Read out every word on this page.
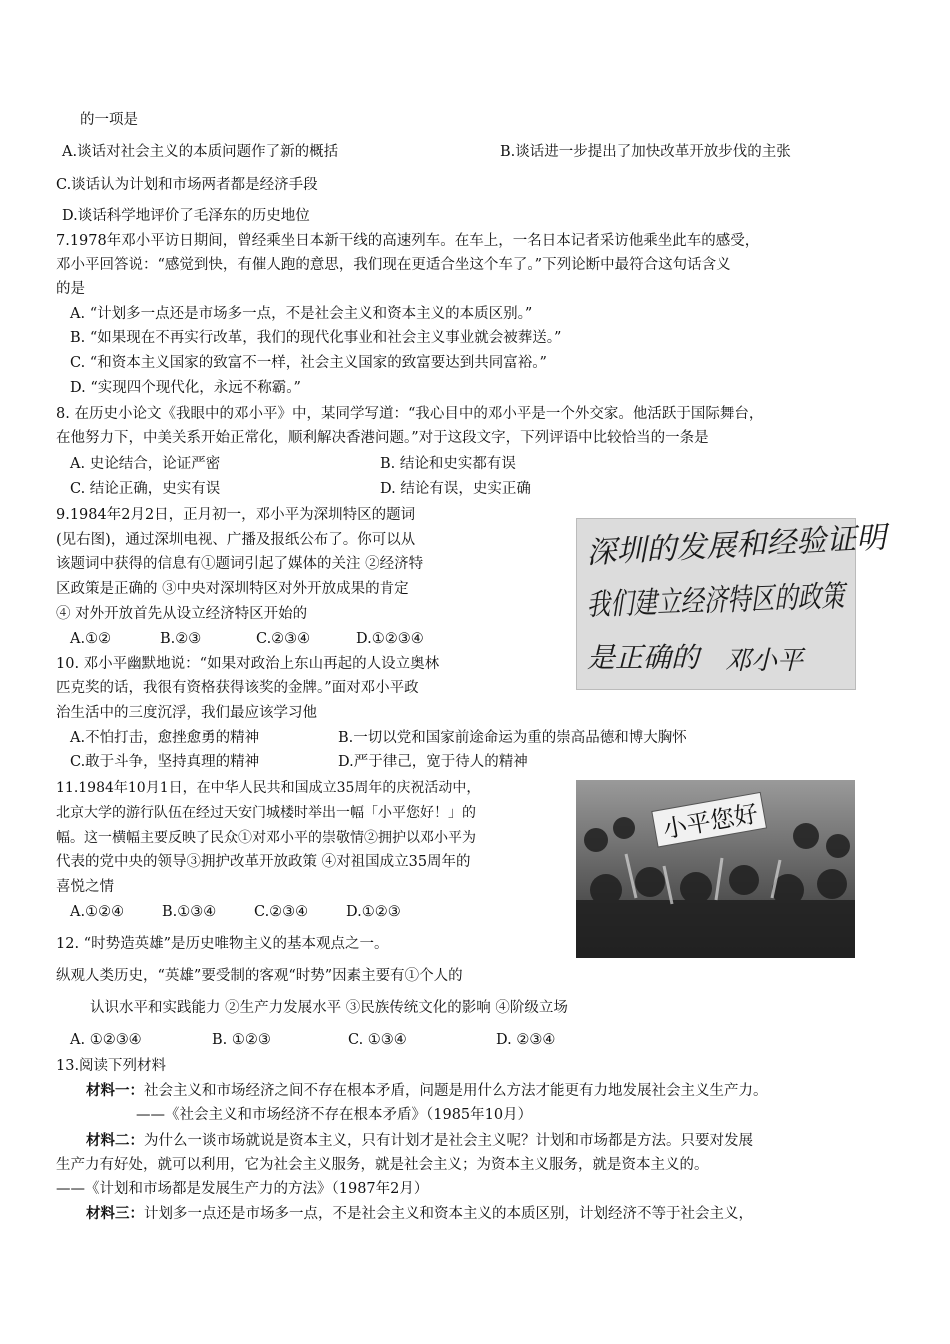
的一项是
A.谈话对社会主义的本质问题作了新的概括	B.谈话进一步提出了加快改革开放步伐的主张
C.谈话认为计划和市场两者都是经济手段
D.谈话科学地评价了毛泽东的历史地位
7.1978年邓小平访日期间，曾经乘坐日本新干线的高速列车。在车上，一名日本记者采访他乘坐此车的感受，
邓小平回答说：“感觉到快，有催人跑的意思，我们现在更适合坐这个车了。”下列论断中最符合这句话含义
的是
A. “计划多一点还是市场多一点，不是社会主义和资本主义的本质区别。”
B. “如果现在不再实行改革，我们的现代化事业和社会主义事业就会被葬送。”
C. “和资本主义国家的致富不一样，社会主义国家的致富要达到共同富裕。”
D. “实现四个现代化，永远不称霸。”
8. 在历史小论文《我眼中的邓小平》中，某同学写道：“我心目中的邓小平是一个外交家。他活跃于国际舞台，
在他努力下，中美关系开始正常化，顺利解决香港问题。”对于这段文字，下列评语中比较恰当的一条是
A. 史论结合，论证严密	B. 结论和史实都有误
C. 结论正确，史实有误	D. 结论有误，史实正确
9.1984年2月2日，正月初一，邓小平为深圳特区的题词
(见右图)，通过深圳电视、广播及报纸公布了。你可以从
该题词中获得的信息有①题词引起了媒体的关注 ②经济特
区政策是正确的 ③中央对深圳特区对外开放成果的肯定
④ 对外开放首先从设立经济特区开始的
A.①②	B.②③	C.②③④	D.①②③④
10. 邓小平幽默地说：“如果对政治上东山再起的人设立奥林
匹克奖的话，我很有资格获得该奖的金牌。”面对邓小平政
治生活中的三度沉浮，我们最应该学习他
A.不怕打击，愈挫愈勇的精神	B.一切以党和国家前途命运为重的崇高品德和博大胸怀
C.敢于斗争，坚持真理的精神	D.严于律己，宽于待人的精神
11.1984年10月1日，在中华人民共和国成立35周年的庆祝活动中，
北京大学的游行队伍在经过天安门城楼时举出一幅「小平您好！」的
幅。这一横幅主要反映了民众①对邓小平的崇敬情②拥护以邓小平为
代表的党中央的领导③拥护改革开放政策 ④对祖国成立35周年的
喜悦之情
A.①②④	B.①③④	C.②③④	D.①②③
12. “时势造英雄”是历史唯物主义的基本观点之一。
纵观人类历史，“英雄”要受制的客观“时势”因素主要有①个人的
认识水平和实践能力 ②生产力发展水平 ③民族传统文化的影响 ④阶级立场
A. ①②③④	B. ①②③	C. ①③④	D. ②③④
13.阅读下列材料
材料一：社会主义和市场经济之间不存在根本矛盾，问题是用什么方法才能更有力地发展社会主义生产力。
——《社会主义和市场经济不存在根本矛盾》（1985年10月）
材料二：为什么一谈市场就说是资本主义，只有计划才是社会主义呢？计划和市场都是方法。只要对发展
生产力有好处，就可以利用，它为社会主义服务，就是社会主义；为资本主义服务，就是资本主义的。
——《计划和市场都是发展生产力的方法》（1987年2月）
材料三：计划多一点还是市场多一点，不是社会主义和资本主义的本质区别，计划经济不等于社会主义，
深圳的发展和经验证明
我们建立经济特区的政策
是正确的 邓小平
小平您好
